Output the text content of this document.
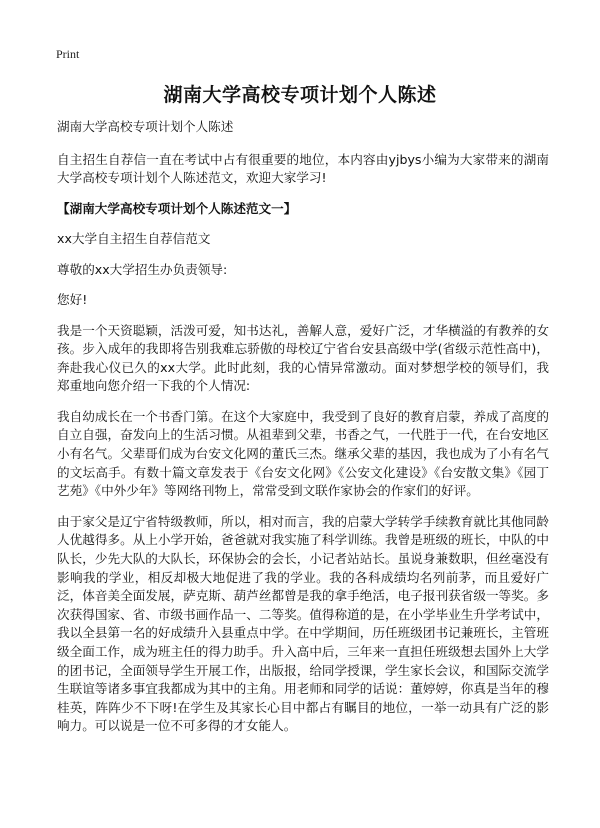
Print
湖南大学高校专项计划个人陈述

湖南大学高校专项计划个人陈述

自主招生自荐信一直在考试中占有很重要的地位，本内容由yjbys小编为大家带来的湖南大学高校专项计划个人陈述范文，欢迎大家学习!

【湖南大学高校专项计划个人陈述范文一】

xx大学自主招生自荐信范文

尊敬的xx大学招生办负责领导:

您好!

我是一个天资聪颖，活泼可爱，知书达礼，善解人意，爱好广泛，才华横溢的有教养的女孩。步入成年的我即将告别我难忘骄傲的母校辽宁省台安县高级中学(省级示范性高中)，奔赴我心仪已久的xx大学。此时此刻，我的心情异常激动。面对梦想学校的领导们，我郑重地向您介绍一下我的个人情况:

我自幼成长在一个书香门第。在这个大家庭中，我受到了良好的教育启蒙，养成了高度的自立自强，奋发向上的生活习惯。从祖辈到父辈，书香之气，一代胜于一代，在台安地区小有名气。父辈哥们成为台安文化网的董氏三杰。继承父辈的基因，我也成为了小有名气的文坛高手。有数十篇文章发表于《台安文化网》《公安文化建设》《台安散文集》《园丁艺苑》《中外少年》等网络刊物上，常常受到文联作家协会的作家们的好评。

由于家父是辽宁省特级教师，所以，相对而言，我的启蒙大学转学手续教育就比其他同龄人优越得多。从上小学开始，爸爸就对我实施了科学训练。我曾是班级的班长，中队的中队长，少先大队的大队长，环保协会的会长，小记者站站长。虽说身兼数职，但丝毫没有影响我的学业，相反却极大地促进了我的学业。我的各科成绩均名列前茅，而且爱好广泛，体音美全面发展，萨克斯、葫芦丝都曾是我的拿手绝活，电子报刊获省级一等奖。多次获得国家、省、市级书画作品一、二等奖。值得称道的是，在小学毕业生升学考试中，我以全县第一名的好成绩升入县重点中学。在中学期间，历任班级团书记兼班长，主管班级全面工作，成为班主任的得力助手。升入高中后，三年来一直担任班级想去国外上大学的团书记，全面领导学生开展工作，出版报，给同学授课，学生家长会议，和国际交流学生联谊等诸多事宜我都成为其中的主角。用老师和同学的话说：董婷婷，你真是当年的穆桂英，阵阵少不下呀!在学生及其家长心目中都占有瞩目的地位，一举一动具有广泛的影响力。可以说是一位不可多得的才女能人。
